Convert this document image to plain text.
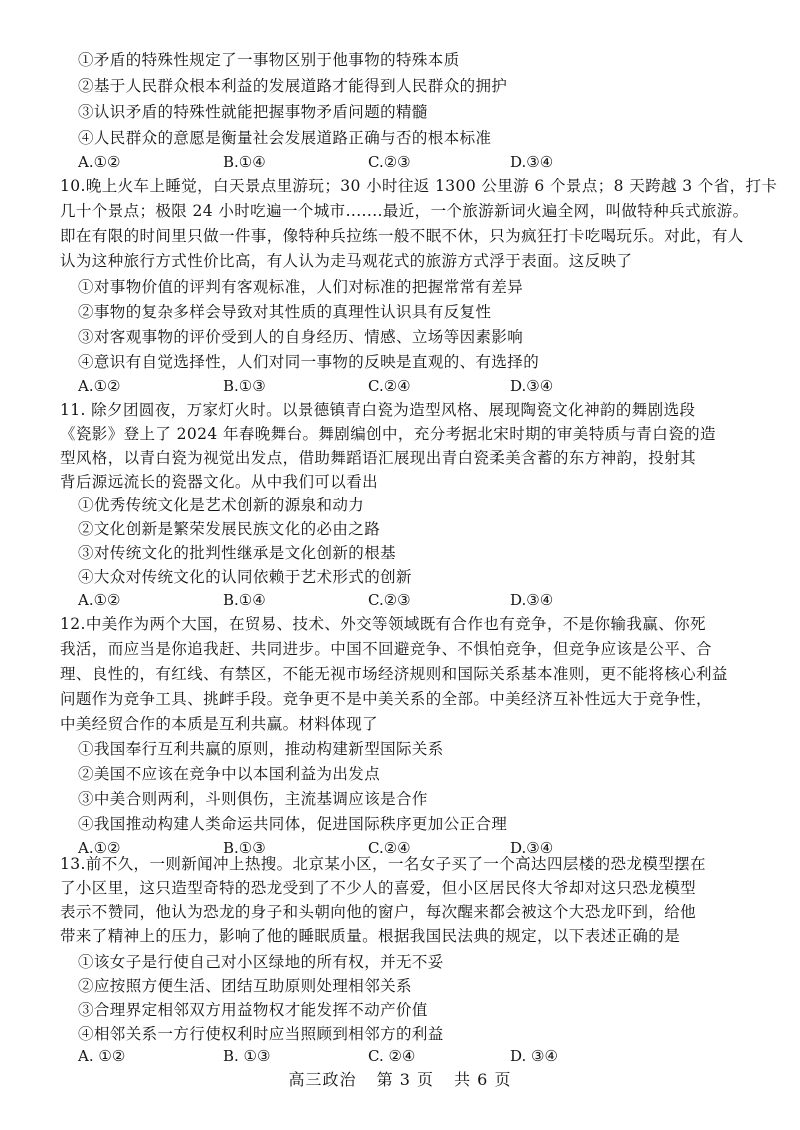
①矛盾的特殊性规定了一事物区别于他事物的特殊本质
②基于人民群众根本利益的发展道路才能得到人民群众的拥护
③认识矛盾的特殊性就能把握事物矛盾问题的精髓
④人民群众的意愿是衡量社会发展道路正确与否的根本标准
A.①②	B.①④	C.②③	D.③④
10.晚上火车上睡觉，白天景点里游玩；30 小时往返 1300 公里游 6 个景点；8 天跨越 3 个省，打卡
几十个景点；极限 24 小时吃遍一个城市.......最近，一个旅游新词火遍全网，叫做特种兵式旅游。
即在有限的时间里只做一件事，像特种兵拉练一般不眠不休，只为疯狂打卡吃喝玩乐。对此，有人
认为这种旅行方式性价比高，有人认为走马观花式的旅游方式浮于表面。这反映了
①对事物价值的评判有客观标准，人们对标准的把握常常有差异
②事物的复杂多样会导致对其性质的真理性认识具有反复性
③对客观事物的评价受到人的自身经历、情感、立场等因素影响
④意识有自觉选择性，人们对同一事物的反映是直观的、有选择的
A.①②	B.①③	C.②④	D.③④
11. 除夕团圆夜，万家灯火时。以景德镇青白瓷为造型风格、展现陶瓷文化神韵的舞剧选段
《瓷影》登上了 2024 年春晚舞台。舞剧编创中，充分考据北宋时期的审美特质与青白瓷的造
型风格，以青白瓷为视觉出发点，借助舞蹈语汇展现出青白瓷柔美含蓄的东方神韵，投射其
背后源远流长的瓷器文化。从中我们可以看出
①优秀传统文化是艺术创新的源泉和动力
②文化创新是繁荣发展民族文化的必由之路
③对传统文化的批判性继承是文化创新的根基
④大众对传统文化的认同依赖于艺术形式的创新
A.①②	B.①④	C.②③	D.③④
12.中美作为两个大国，在贸易、技术、外交等领域既有合作也有竞争，不是你输我赢、你死
我活，而应当是你追我赶、共同进步。中国不回避竞争、不惧怕竞争，但竞争应该是公平、合
理、良性的，有红线、有禁区，不能无视市场经济规则和国际关系基本准则，更不能将核心利益
问题作为竞争工具、挑衅手段。竞争更不是中美关系的全部。中美经济互补性远大于竞争性，
中美经贸合作的本质是互利共赢。材料体现了
①我国奉行互利共赢的原则，推动构建新型国际关系
②美国不应该在竞争中以本国利益为出发点
③中美合则两利，斗则俱伤，主流基调应该是合作
④我国推动构建人类命运共同体，促进国际秩序更加公正合理
A.①②	B.①③	C.②④	D.③④
13.前不久，一则新闻冲上热搜。北京某小区，一名女子买了一个高达四层楼的恐龙模型摆在
了小区里，这只造型奇特的恐龙受到了不少人的喜爱，但小区居民佟大爷却对这只恐龙模型
表示不赞同，他认为恐龙的身子和头朝向他的窗户，每次醒来都会被这个大恐龙吓到，给他
带来了精神上的压力，影响了他的睡眠质量。根据我国民法典的规定，以下表述正确的是
①该女子是行使自己对小区绿地的所有权，并无不妥
②应按照方便生活、团结互助原则处理相邻关系
③合理界定相邻双方用益物权才能发挥不动产价值
④相邻关系一方行使权利时应当照顾到相邻方的利益
高三政治 第 3 页 共 6 页
A. ①②	B. ①③	C. ②④	D. ③④
